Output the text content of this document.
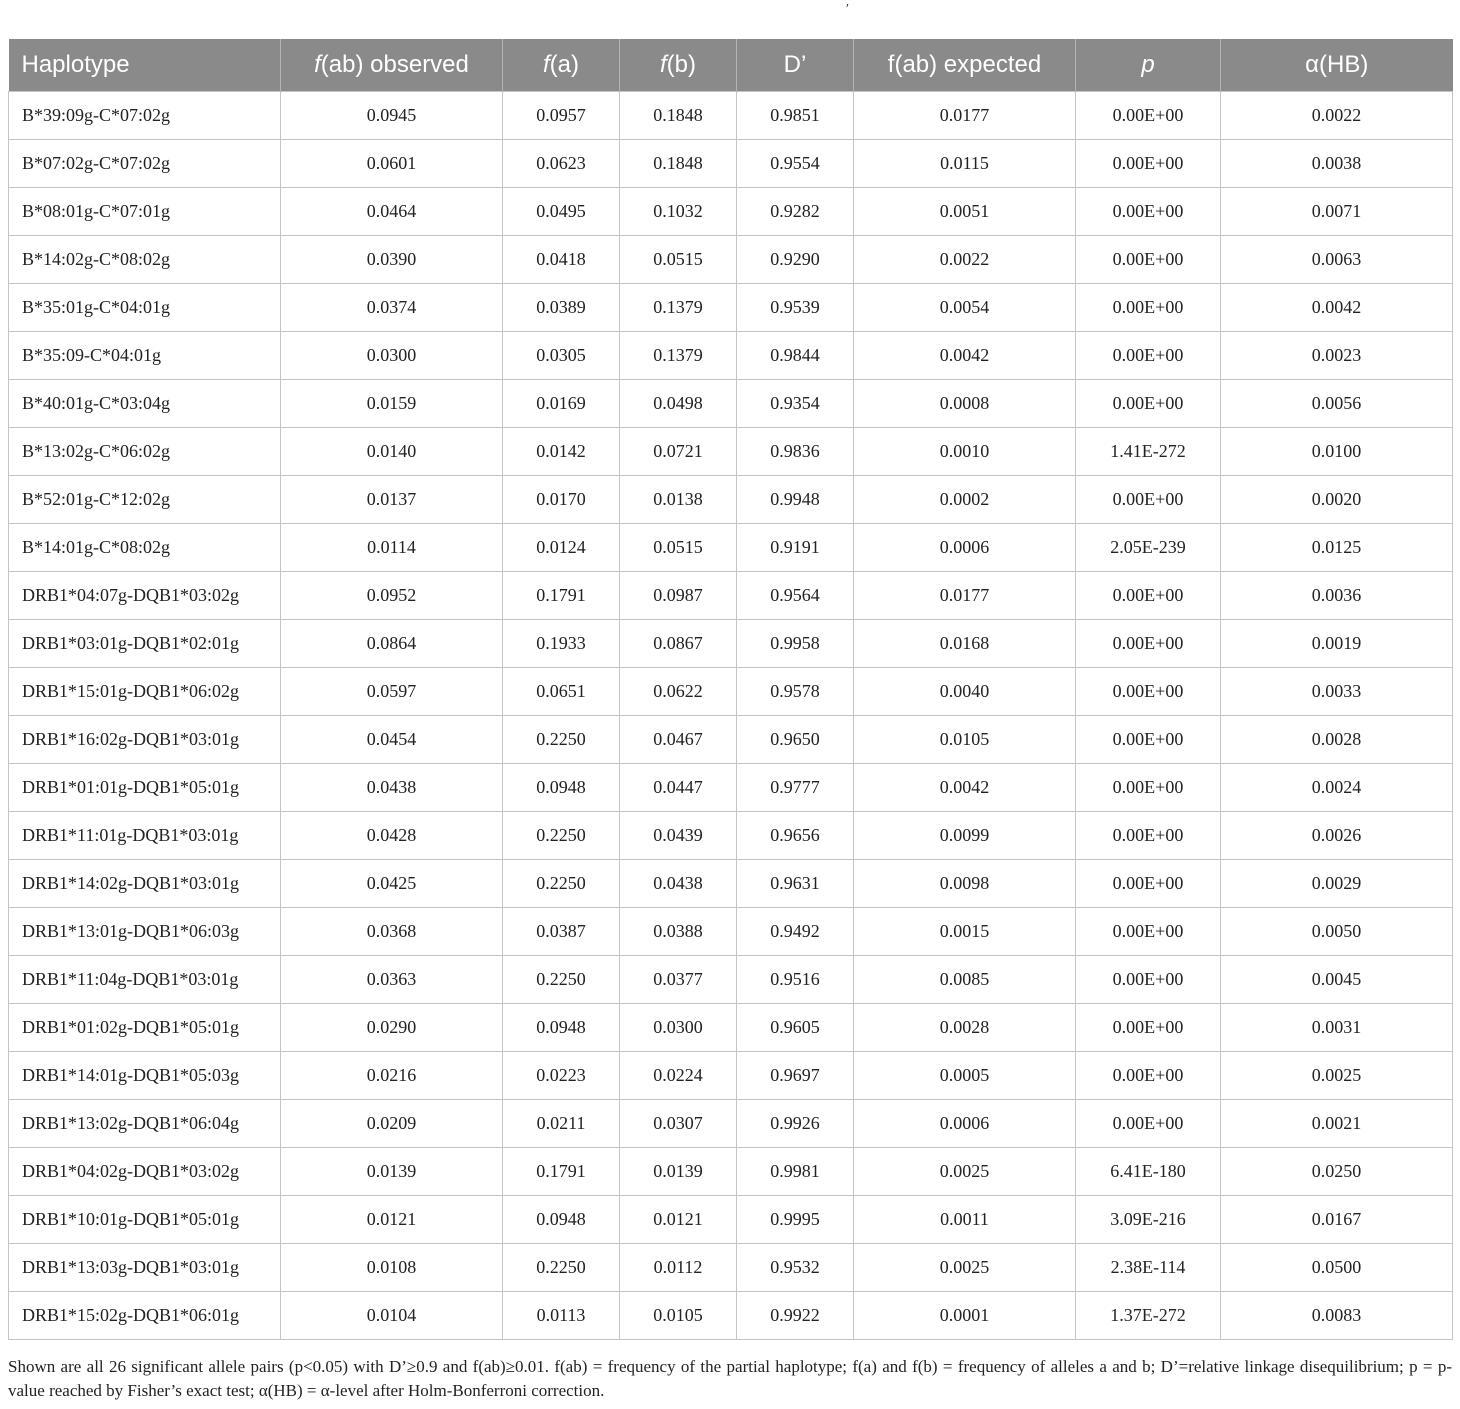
′
Haplotype	f(ab) observed	f(a)	f(b)	D’	f(ab) expected	p	α(HB)
B*39:09g-C*07:02g	0.0945	0.0957	0.1848	0.9851	0.0177	0.00E+00	0.0022
B*07:02g-C*07:02g	0.0601	0.0623	0.1848	0.9554	0.0115	0.00E+00	0.0038
B*08:01g-C*07:01g	0.0464	0.0495	0.1032	0.9282	0.0051	0.00E+00	0.0071
B*14:02g-C*08:02g	0.0390	0.0418	0.0515	0.9290	0.0022	0.00E+00	0.0063
B*35:01g-C*04:01g	0.0374	0.0389	0.1379	0.9539	0.0054	0.00E+00	0.0042
B*35:09-C*04:01g	0.0300	0.0305	0.1379	0.9844	0.0042	0.00E+00	0.0023
B*40:01g-C*03:04g	0.0159	0.0169	0.0498	0.9354	0.0008	0.00E+00	0.0056
B*13:02g-C*06:02g	0.0140	0.0142	0.0721	0.9836	0.0010	1.41E-272	0.0100
B*52:01g-C*12:02g	0.0137	0.0170	0.0138	0.9948	0.0002	0.00E+00	0.0020
B*14:01g-C*08:02g	0.0114	0.0124	0.0515	0.9191	0.0006	2.05E-239	0.0125
DRB1*04:07g-DQB1*03:02g	0.0952	0.1791	0.0987	0.9564	0.0177	0.00E+00	0.0036
DRB1*03:01g-DQB1*02:01g	0.0864	0.1933	0.0867	0.9958	0.0168	0.00E+00	0.0019
DRB1*15:01g-DQB1*06:02g	0.0597	0.0651	0.0622	0.9578	0.0040	0.00E+00	0.0033
DRB1*16:02g-DQB1*03:01g	0.0454	0.2250	0.0467	0.9650	0.0105	0.00E+00	0.0028
DRB1*01:01g-DQB1*05:01g	0.0438	0.0948	0.0447	0.9777	0.0042	0.00E+00	0.0024
DRB1*11:01g-DQB1*03:01g	0.0428	0.2250	0.0439	0.9656	0.0099	0.00E+00	0.0026
DRB1*14:02g-DQB1*03:01g	0.0425	0.2250	0.0438	0.9631	0.0098	0.00E+00	0.0029
DRB1*13:01g-DQB1*06:03g	0.0368	0.0387	0.0388	0.9492	0.0015	0.00E+00	0.0050
DRB1*11:04g-DQB1*03:01g	0.0363	0.2250	0.0377	0.9516	0.0085	0.00E+00	0.0045
DRB1*01:02g-DQB1*05:01g	0.0290	0.0948	0.0300	0.9605	0.0028	0.00E+00	0.0031
DRB1*14:01g-DQB1*05:03g	0.0216	0.0223	0.0224	0.9697	0.0005	0.00E+00	0.0025
DRB1*13:02g-DQB1*06:04g	0.0209	0.0211	0.0307	0.9926	0.0006	0.00E+00	0.0021
DRB1*04:02g-DQB1*03:02g	0.0139	0.1791	0.0139	0.9981	0.0025	6.41E-180	0.0250
DRB1*10:01g-DQB1*05:01g	0.0121	0.0948	0.0121	0.9995	0.0011	3.09E-216	0.0167
DRB1*13:03g-DQB1*03:01g	0.0108	0.2250	0.0112	0.9532	0.0025	2.38E-114	0.0500
DRB1*15:02g-DQB1*06:01g	0.0104	0.0113	0.0105	0.9922	0.0001	1.37E-272	0.0083

Shown are all 26 significant allele pairs (p<0.05) with D’≥0.9 and f(ab)≥0.01. f(ab) = frequency of the partial haplotype; f(a) and f(b) = frequency of alleles a and b; D’=relative linkage disequilibrium; p = p-value reached by Fisher’s exact test; α(HB) = α-level after Holm-Bonferroni correction.
